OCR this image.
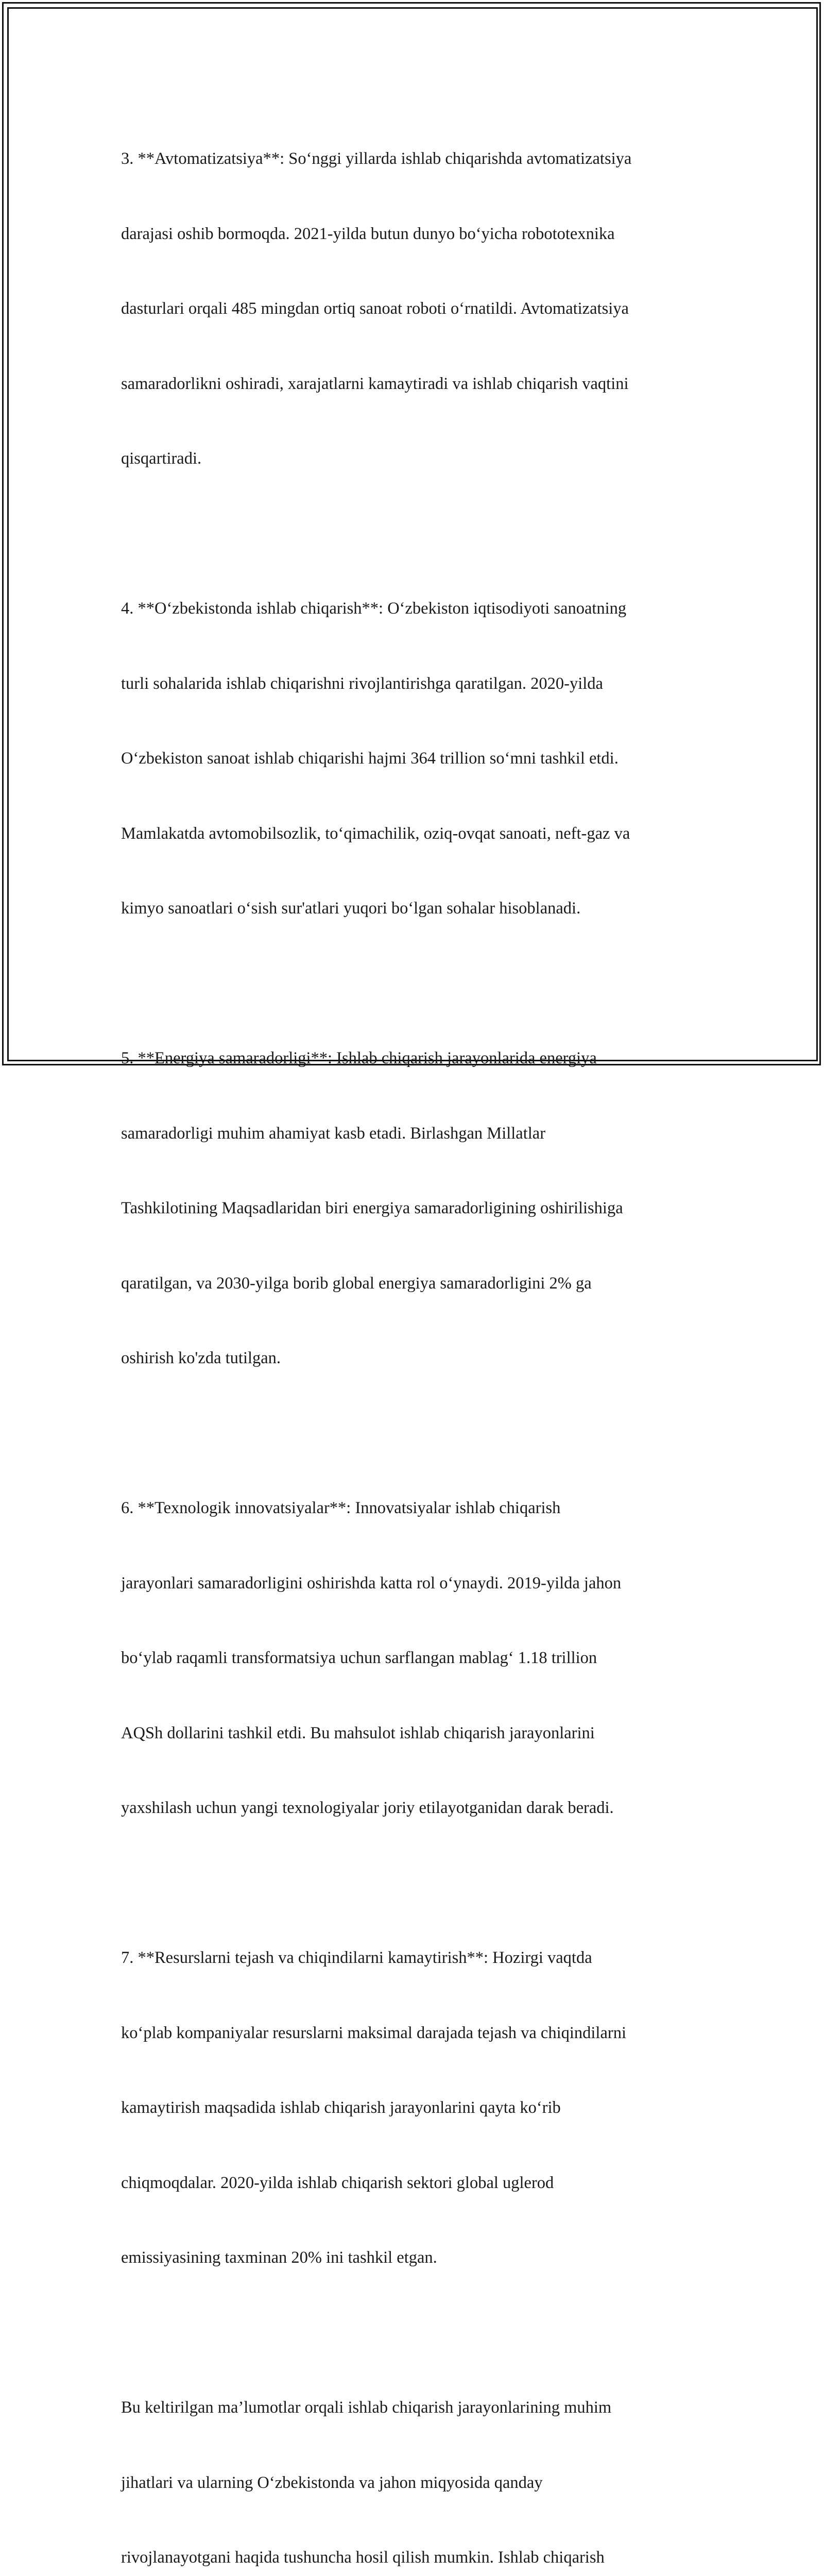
3. **Avtomatizatsiya**: So‘nggi yillarda ishlab chiqarishda avtomatizatsiya

darajasi oshib bormoqda. 2021-yilda butun dunyo bo‘yicha robototexnika

dasturlari orqali 485 mingdan ortiq sanoat roboti o‘rnatildi. Avtomatizatsiya

samaradorlikni oshiradi, xarajatlarni kamaytiradi va ishlab chiqarish vaqtini

qisqartiradi.

4. **O‘zbekistonda ishlab chiqarish**: O‘zbekiston iqtisodiyoti sanoatning

turli sohalarida ishlab chiqarishni rivojlantirishga qaratilgan. 2020-yilda

O‘zbekiston sanoat ishlab chiqarishi hajmi 364 trillion so‘mni tashkil etdi.

Mamlakatda avtomobilsozlik, to‘qimachilik, oziq-ovqat sanoati, neft-gaz va

kimyo sanoatlari o‘sish sur'atlari yuqori bo‘lgan sohalar hisoblanadi.

5. **Energiya samaradorligi**: Ishlab chiqarish jarayonlarida energiya

samaradorligi muhim ahamiyat kasb etadi. Birlashgan Millatlar

Tashkilotining Maqsadlaridan biri energiya samaradorligining oshirilishiga

qaratilgan, va 2030-yilga borib global energiya samaradorligini 2% ga

oshirish ko'zda tutilgan.

6. **Texnologik innovatsiyalar**: Innovatsiyalar ishlab chiqarish

jarayonlari samaradorligini oshirishda katta rol o‘ynaydi. 2019-yilda jahon

bo‘ylab raqamli transformatsiya uchun sarflangan mablag‘ 1.18 trillion

AQSh dollarini tashkil etdi. Bu mahsulot ishlab chiqarish jarayonlarini

yaxshilash uchun yangi texnologiyalar joriy etilayotganidan darak beradi.

7. **Resurslarni tejash va chiqindilarni kamaytirish**: Hozirgi vaqtda

ko‘plab kompaniyalar resurslarni maksimal darajada tejash va chiqindilarni

kamaytirish maqsadida ishlab chiqarish jarayonlarini qayta ko‘rib

chiqmoqdalar. 2020-yilda ishlab chiqarish sektori global uglerod

emissiyasining taxminan 20% ini tashkil etgan.

Bu keltirilgan ma’lumotlar orqali ishlab chiqarish jarayonlarining muhim

jihatlari va ularning O‘zbekistonda va jahon miqyosida qanday

rivojlanayotgani haqida tushuncha hosil qilish mumkin. Ishlab chiqarish
